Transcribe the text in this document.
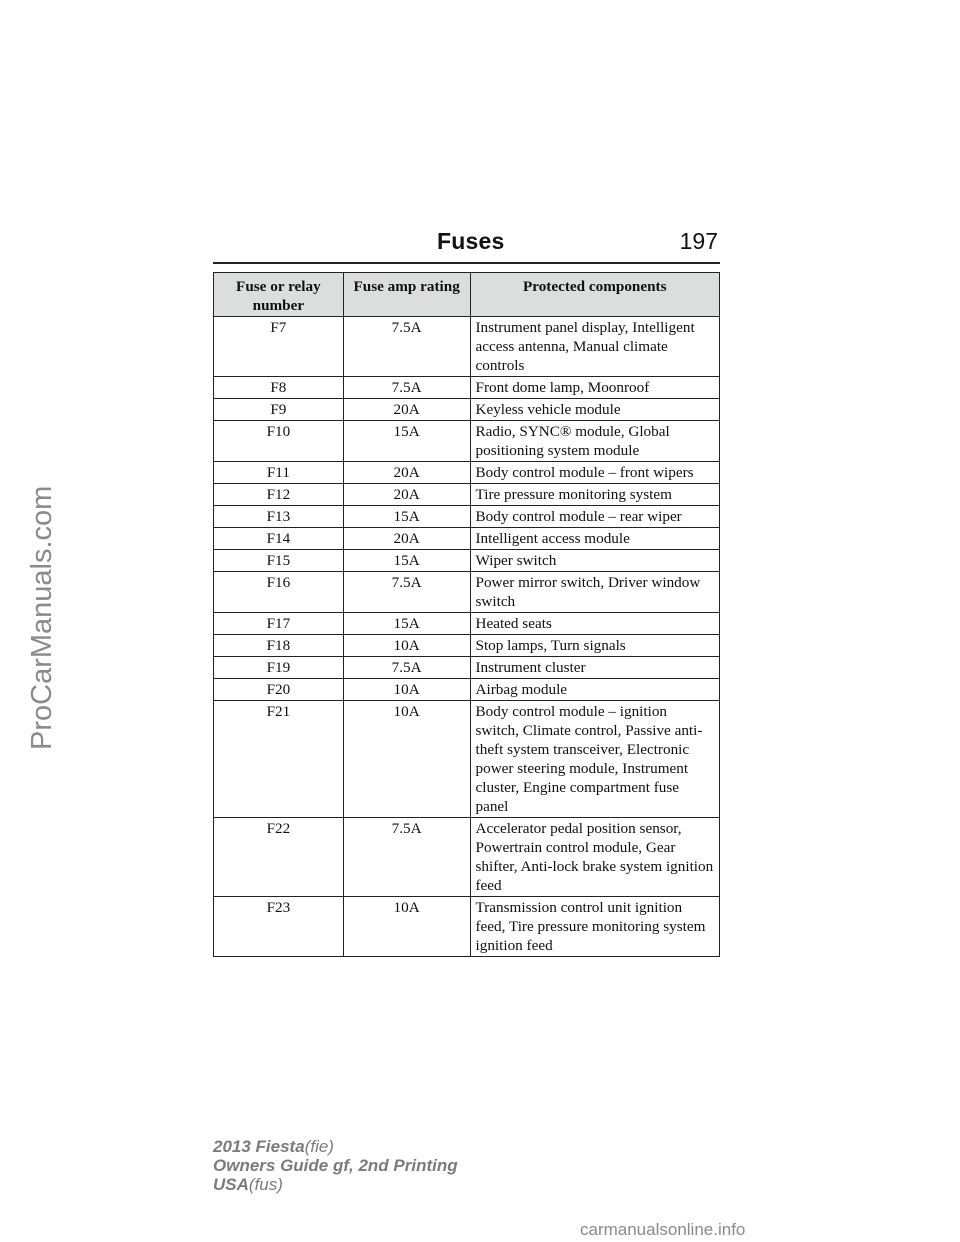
Fuses	197
Fuse or relay number	Fuse amp rating	Protected components
F7	7.5A	Instrument panel display, Intelligent access antenna, Manual climate controls
F8	7.5A	Front dome lamp, Moonroof
F9	20A	Keyless vehicle module
F10	15A	Radio, SYNC® module, Global positioning system module
F11	20A	Body control module – front wipers
F12	20A	Tire pressure monitoring system
F13	15A	Body control module – rear wiper
F14	20A	Intelligent access module
F15	15A	Wiper switch
F16	7.5A	Power mirror switch, Driver window switch
F17	15A	Heated seats
F18	10A	Stop lamps, Turn signals
F19	7.5A	Instrument cluster
F20	10A	Airbag module
F21	10A	Body control module – ignition switch, Climate control, Passive anti-theft system transceiver, Electronic power steering module, Instrument cluster, Engine compartment fuse panel
F22	7.5A	Accelerator pedal position sensor, Powertrain control module, Gear shifter, Anti-lock brake system ignition feed
F23	10A	Transmission control unit ignition feed, Tire pressure monitoring system ignition feed
ProCarManuals.com
2013 Fiesta(fie)
Owners Guide gf, 2nd Printing
USA(fus)
carmanualsonline.info
